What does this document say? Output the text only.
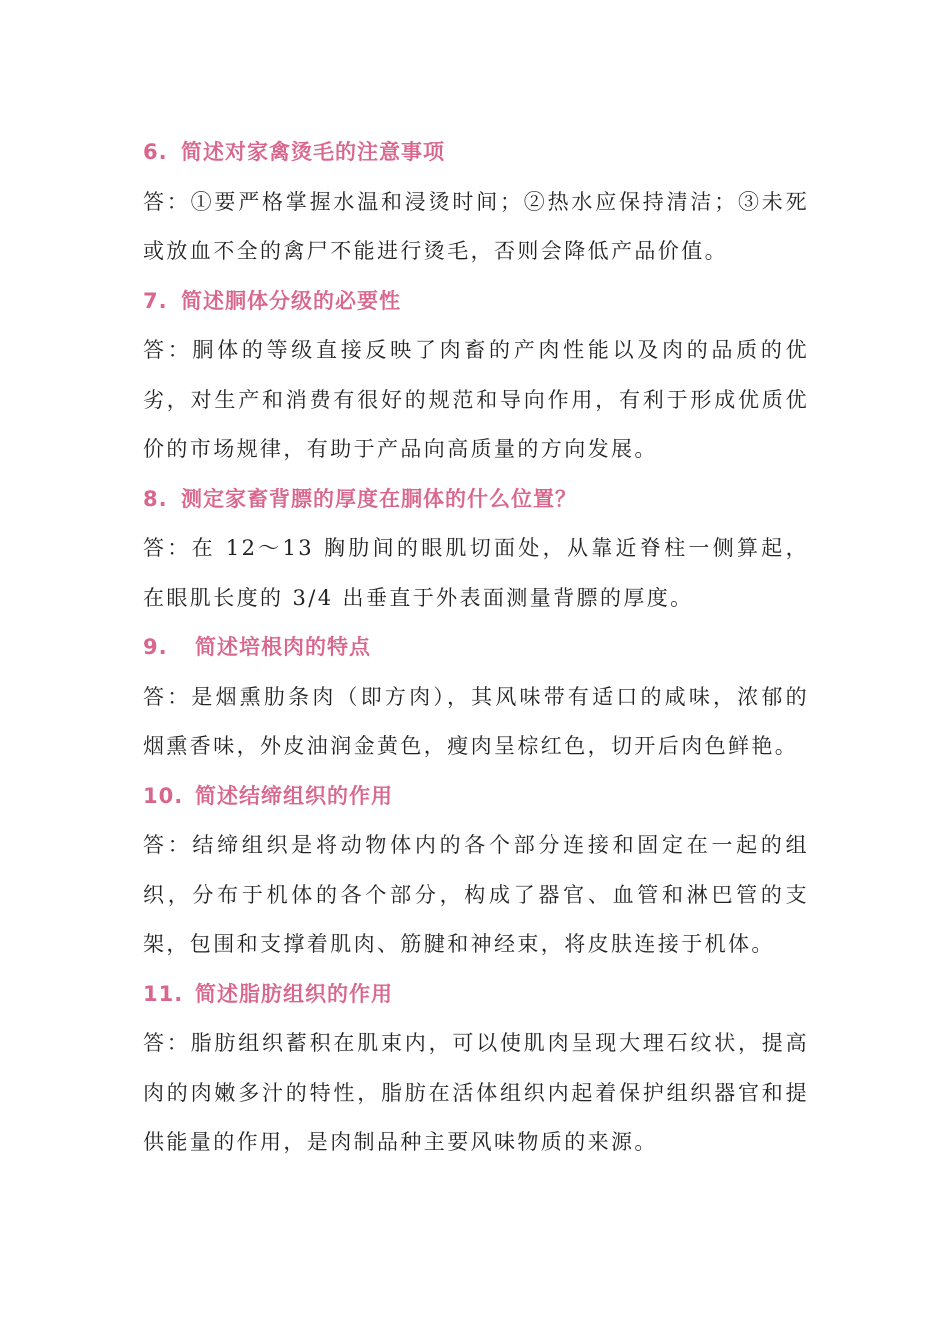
6. 简述对家禽烫毛的注意事项

答：①要严格掌握水温和浸烫时间；②热水应保持清洁；③未死或放血不全的禽尸不能进行烫毛，否则会降低产品价值。

7. 简述胴体分级的必要性

答：胴体的等级直接反映了肉畜的产肉性能以及肉的品质的优劣，对生产和消费有很好的规范和导向作用，有利于形成优质优价的市场规律，有助于产品向高质量的方向发展。

8. 测定家畜背膘的厚度在胴体的什么位置？

答：在 12～13 胸肋间的眼肌切面处，从靠近脊柱一侧算起，在眼肌长度的 3/4 出垂直于外表面测量背膘的厚度。

9. 简述培根肉的特点

答：是烟熏肋条肉（即方肉），其风味带有适口的咸味，浓郁的烟熏香味，外皮油润金黄色，瘦肉呈棕红色，切开后肉色鲜艳。

10. 简述结缔组织的作用

答：结缔组织是将动物体内的各个部分连接和固定在一起的组织，分布于机体的各个部分，构成了器官、血管和淋巴管的支架，包围和支撑着肌肉、筋腱和神经束，将皮肤连接于机体。

11. 简述脂肪组织的作用

答：脂肪组织蓄积在肌束内，可以使肌肉呈现大理石纹状，提高肉的肉嫩多汁的特性，脂肪在活体组织内起着保护组织器官和提供能量的作用，是肉制品种主要风味物质的来源。
